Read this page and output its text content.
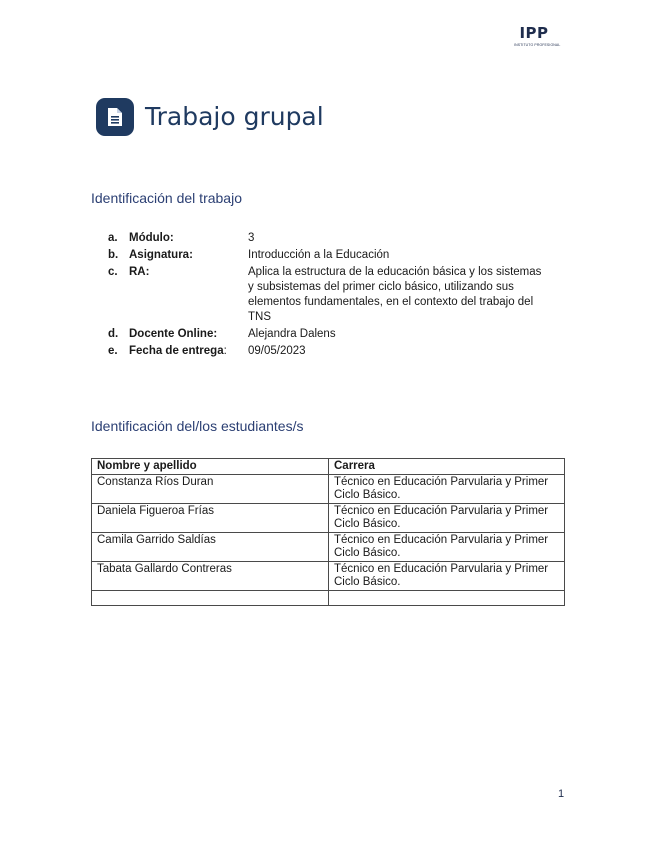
IPP
INSTITUTO PROFESIONAL
Trabajo grupal
Identificación del trabajo
a. Módulo:	3
b. Asignatura:	Introducción a la Educación
c. RA:	Aplica la estructura de la educación básica y los sistemas y subsistemas del primer ciclo básico, utilizando sus elementos fundamentales, en el contexto del trabajo del TNS
d. Docente Online:	Alejandra Dalens
e. Fecha de entrega:	09/05/2023
Identificación del/los estudiantes/s
Nombre y apellido	Carrera
Constanza Ríos Duran	Técnico en Educación Parvularia y Primer Ciclo Básico.
Daniela Figueroa Frías	Técnico en Educación Parvularia y Primer Ciclo Básico.
Camila Garrido Saldías	Técnico en Educación Parvularia y Primer Ciclo Básico.
Tabata Gallardo Contreras	Técnico en Educación Parvularia y Primer Ciclo Básico.

1
